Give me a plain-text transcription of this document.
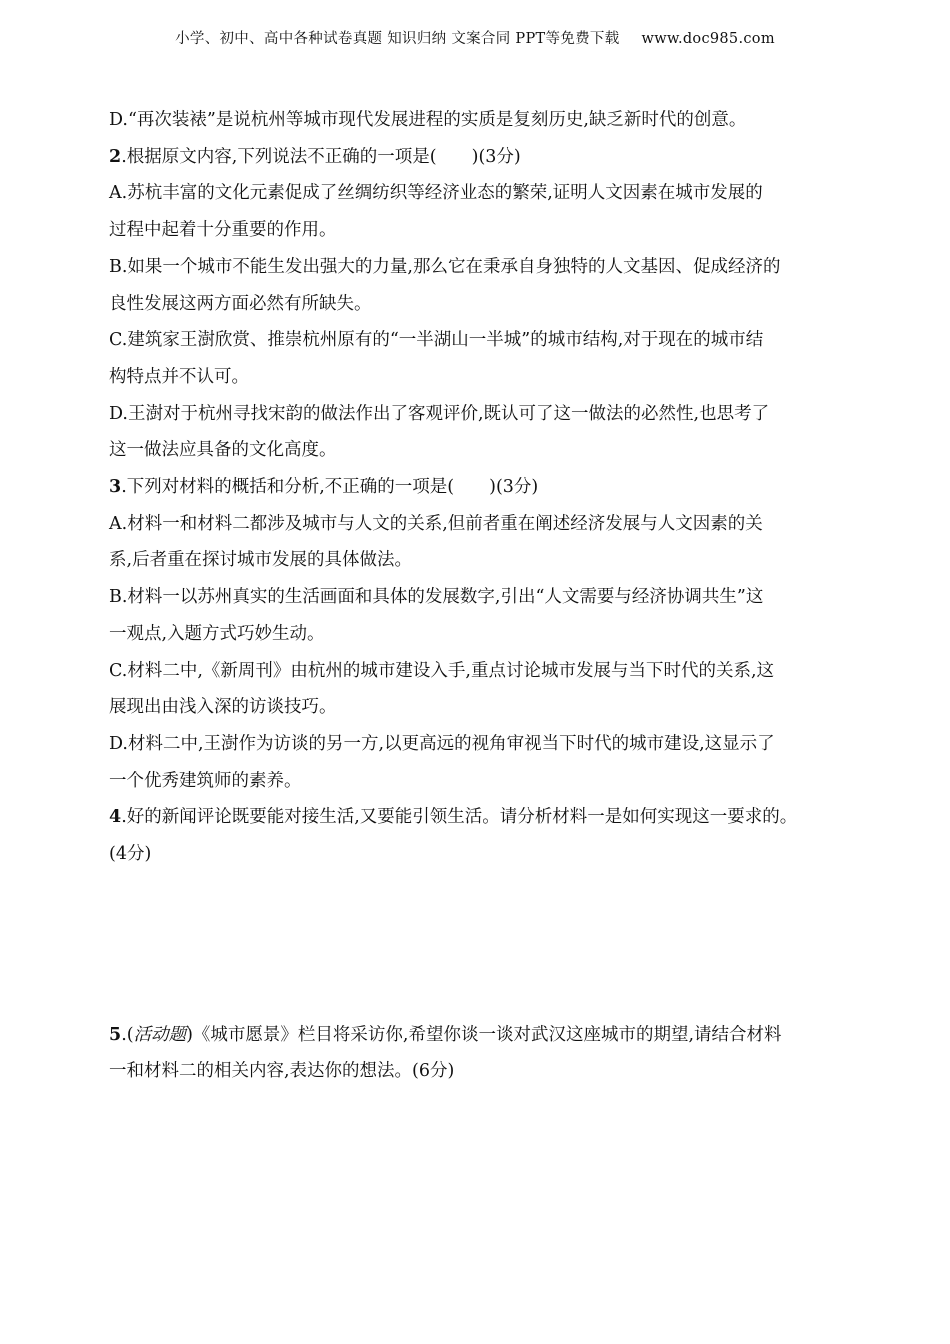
小学、初中、高中各种试卷真题 知识归纳 文案合同 PPT等免费下载 www.doc985.com
D.“再次装裱”是说杭州等城市现代发展进程的实质是复刻历史,缺乏新时代的创意。
2.根据原文内容,下列说法不正确的一项是(　　)(3分)
A.苏杭丰富的文化元素促成了丝绸纺织等经济业态的繁荣,证明人文因素在城市发展的
过程中起着十分重要的作用。
B.如果一个城市不能生发出强大的力量,那么它在秉承自身独特的人文基因、促成经济的
良性发展这两方面必然有所缺失。
C.建筑家王澍欣赏、推崇杭州原有的“一半湖山一半城”的城市结构,对于现在的城市结
构特点并不认可。
D.王澍对于杭州寻找宋韵的做法作出了客观评价,既认可了这一做法的必然性,也思考了
这一做法应具备的文化高度。
3.下列对材料的概括和分析,不正确的一项是(　　)(3分)
A.材料一和材料二都涉及城市与人文的关系,但前者重在阐述经济发展与人文因素的关
系,后者重在探讨城市发展的具体做法。
B.材料一以苏州真实的生活画面和具体的发展数字,引出“人文需要与经济协调共生”这
一观点,入题方式巧妙生动。
C.材料二中,《新周刊》由杭州的城市建设入手,重点讨论城市发展与当下时代的关系,这
展现出由浅入深的访谈技巧。
D.材料二中,王澍作为访谈的另一方,以更高远的视角审视当下时代的城市建设,这显示了
一个优秀建筑师的素养。
4.好的新闻评论既要能对接生活,又要能引领生活。请分析材料一是如何实现这一要求的。
(4分)
5.(活动题)《城市愿景》栏目将采访你,希望你谈一谈对武汉这座城市的期望,请结合材料
一和材料二的相关内容,表达你的想法。(6分)
